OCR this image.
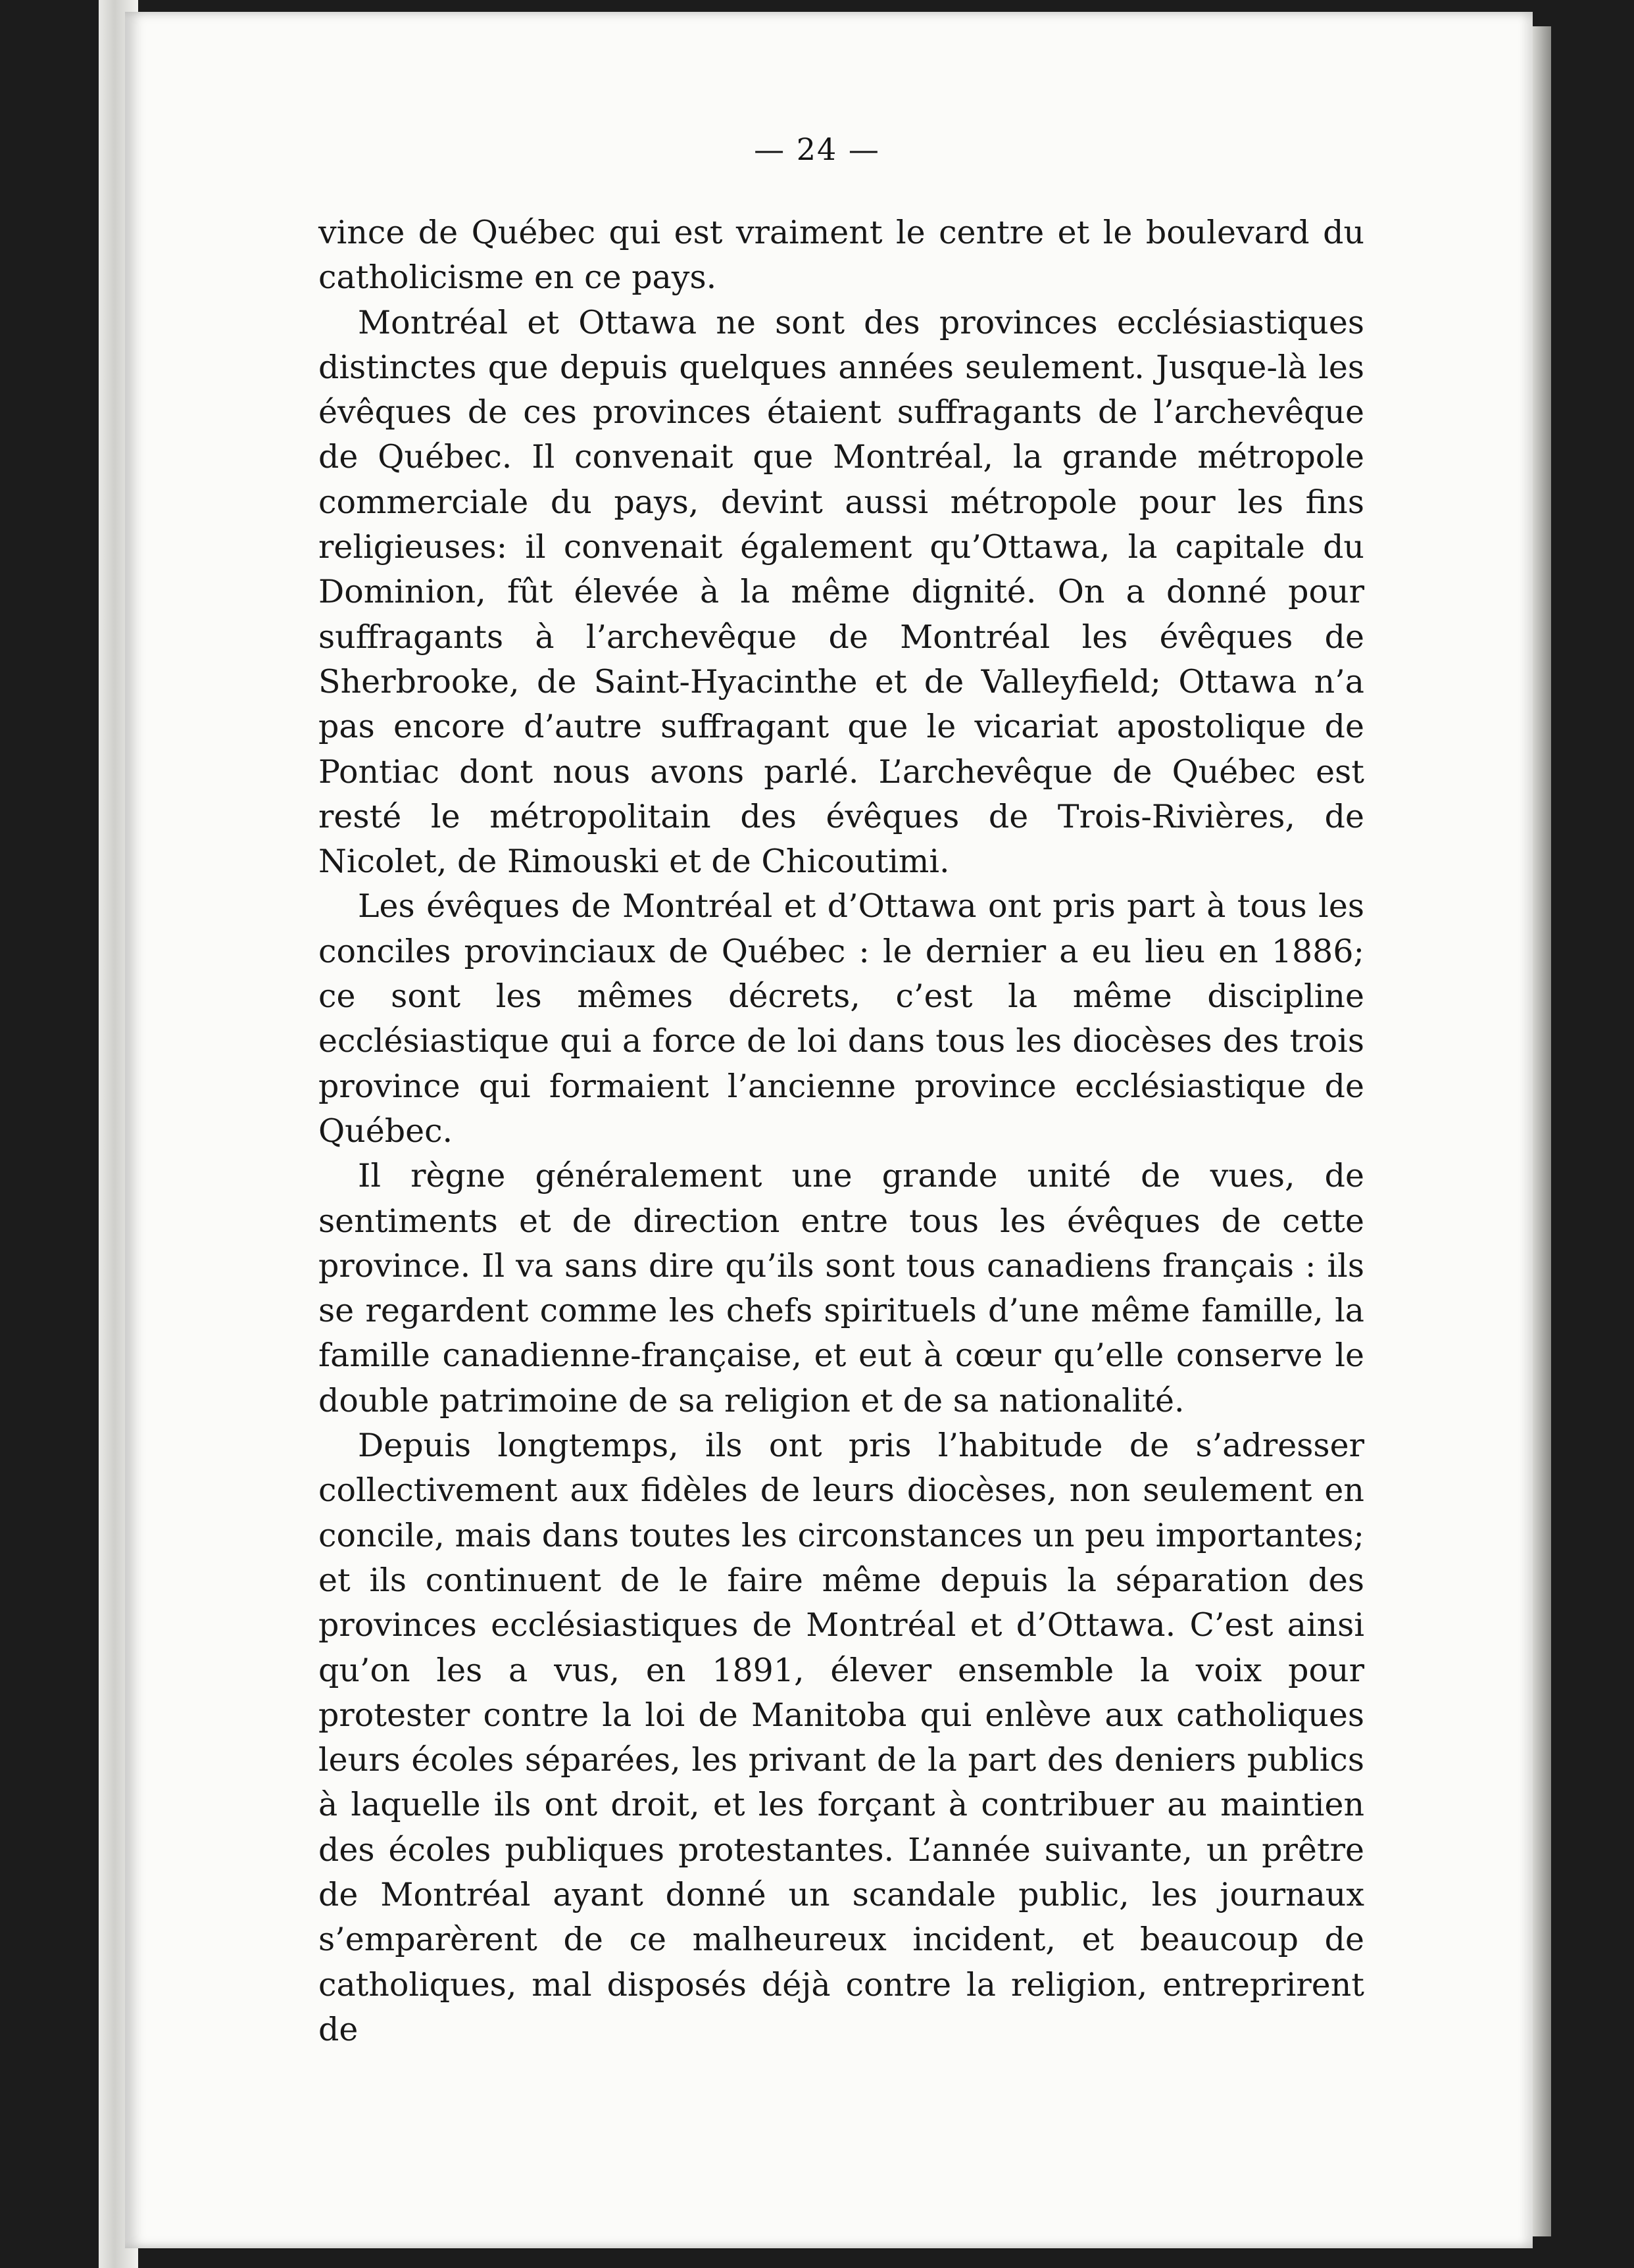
— 24 —

vince de Québec qui est vraiment le centre et le boulevard du catholicisme en ce pays.

Montréal et Ottawa ne sont des provinces ecclésiastiques distinctes que depuis quelques années seulement. Jusque-là les évêques de ces provinces étaient suffragants de l’archevêque de Québec. Il convenait que Montréal, la grande métropole commerciale du pays, devint aussi métropole pour les fins religieuses: il convenait également qu’Ottawa, la capitale du Dominion, fût élevée à la même dignité. On a donné pour suffragants à l’archevêque de Montréal les évêques de Sherbrooke, de Saint-Hyacinthe et de Valleyfield; Ottawa n’a pas encore d’autre suffragant que le vicariat apostolique de Pontiac dont nous avons parlé. L’archevêque de Québec est resté le métropolitain des évêques de Trois-Rivières, de Nicolet, de Rimouski et de Chicoutimi.

Les évêques de Montréal et d’Ottawa ont pris part à tous les conciles provinciaux de Québec : le dernier a eu lieu en 1886; ce sont les mêmes décrets, c’est la même discipline ecclésiastique qui a force de loi dans tous les diocèses des trois province qui formaient l’ancienne province ecclésiastique de Québec.

Il règne généralement une grande unité de vues, de sentiments et de direction entre tous les évêques de cette province. Il va sans dire qu’ils sont tous canadiens français : ils se regardent comme les chefs spirituels d’une même famille, la famille canadienne-française, et eut à cœur qu’elle conserve le double patrimoine de sa religion et de sa nationalité.

Depuis longtemps, ils ont pris l’habitude de s’adresser collectivement aux fidèles de leurs diocèses, non seulement en concile, mais dans toutes les circonstances un peu importantes; et ils continuent de le faire même depuis la séparation des provinces ecclésiastiques de Montréal et d’Ottawa. C’est ainsi qu’on les a vus, en 1891, élever ensemble la voix pour protester contre la loi de Manitoba qui enlève aux catholiques leurs écoles séparées, les privant de la part des deniers publics à laquelle ils ont droit, et les forçant à contribuer au maintien des écoles publiques protestantes. L’année suivante, un prêtre de Montréal ayant donné un scandale public, les journaux s’emparèrent de ce malheureux incident, et beaucoup de catholiques, mal disposés déjà contre la religion, entreprirent de
